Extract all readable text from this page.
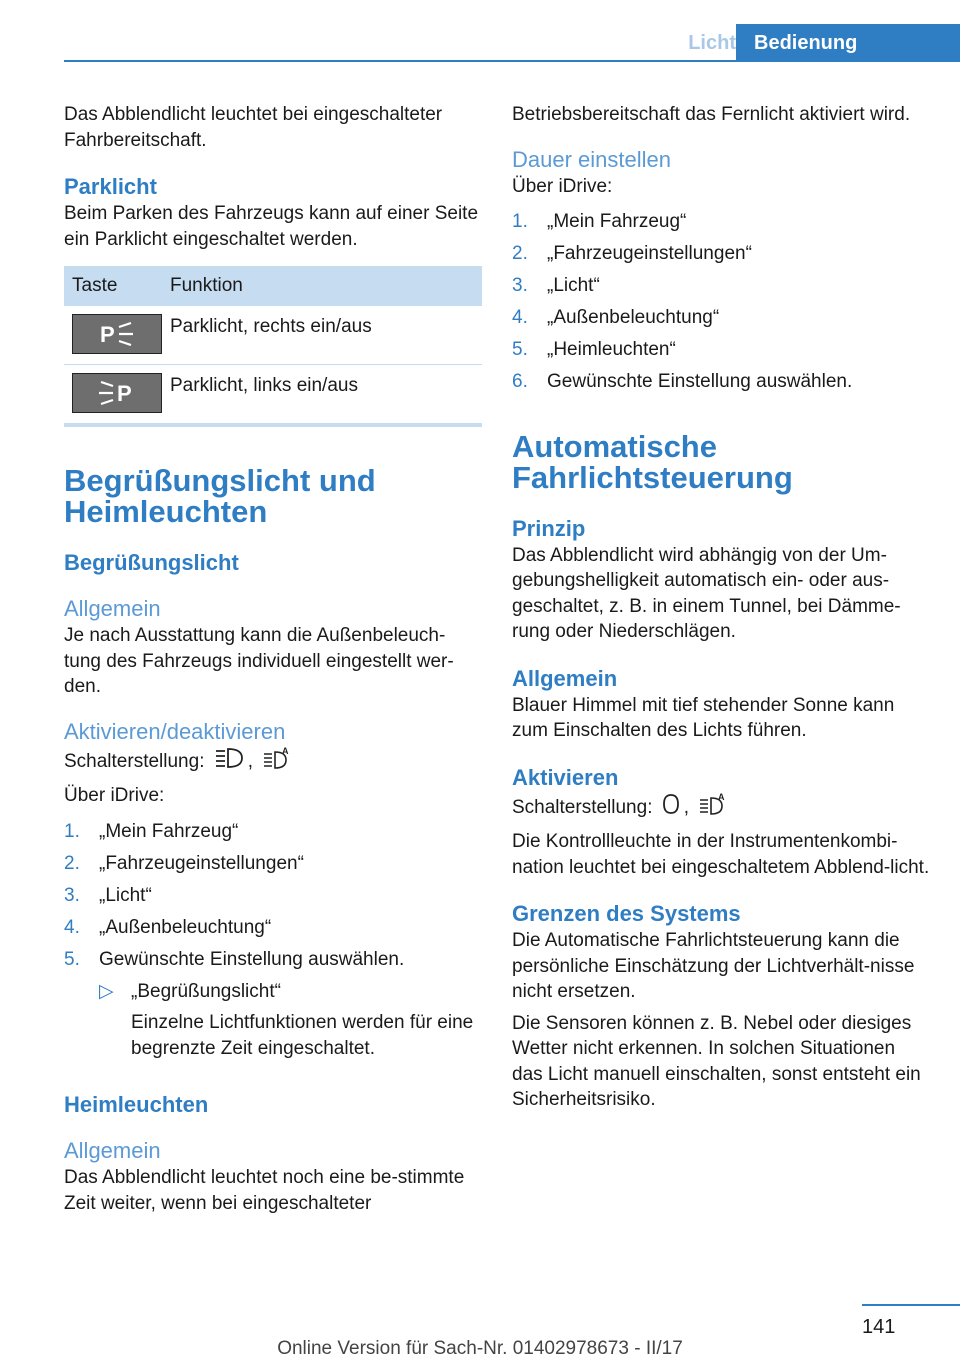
Licht Bedienung

Das Abblendlicht leuchtet bei eingeschalteter Fahrbereitschaft.

Parklicht

Beim Parken des Fahrzeugs kann auf einer Seite ein Parklicht eingeschaltet werden.

Taste	Funktion
P	Parklicht, rechts ein/aus
P Parklicht, links ein/aus
Begrüßungslicht und Heimleuchten
Begrüßungslicht
Allgemein

Je nach Ausstattung kann die Außenbeleuch‐tung des Fahrzeugs individuell eingestellt wer‐den.

Aktivieren/deaktivieren

Schalterstellung: ,	A

Über iDrive:

1.	„Mein Fahrzeug“
2.	„Fahrzeugeinstellungen“
3.	„Licht“
4.	„Außenbeleuchtung“
5.	Gewünschte Einstellung auswählen.
▷ „Begrüßungslicht“

Einzelne Lichtfunktionen werden für eine begrenzte Zeit eingeschaltet.

Heimleuchten
Allgemein

Das Abblendlicht leuchtet noch eine be‐stimmte Zeit weiter, wenn bei eingeschalteter

Betriebsbereitschaft das Fernlicht aktiviert wird.

Dauer einstellen

Über iDrive:

1.	„Mein Fahrzeug“
2.	„Fahrzeugeinstellungen“
3.	„Licht“
4.	„Außenbeleuchtung“
5.	„Heimleuchten“
6.	Gewünschte Einstellung auswählen.
Automatische Fahrlichtsteuerung
Prinzip

Das Abblendlicht wird abhängig von der Um‐gebungshelligkeit automatisch ein- oder aus‐geschaltet, z. B. in einem Tunnel, bei Dämme‐rung oder Niederschlägen.

Allgemein

Blauer Himmel mit tief stehender Sonne kann zum Einschalten des Lichts führen.

Aktivieren

Schalterstellung: ,	A

Die Kontrollleuchte in der Instrumentenkombi‐nation leuchtet bei eingeschaltetem Abblend‐licht.

Grenzen des Systems

Die Automatische Fahrlichtsteuerung kann die persönliche Einschätzung der Lichtverhält‐nisse nicht ersetzen.

Die Sensoren können z. B. Nebel oder diesiges Wetter nicht erkennen. In solchen Situationen das Licht manuell einschalten, sonst entsteht ein Sicherheitsrisiko.

141
Online Version für Sach-Nr. 01402978673 - II/17
